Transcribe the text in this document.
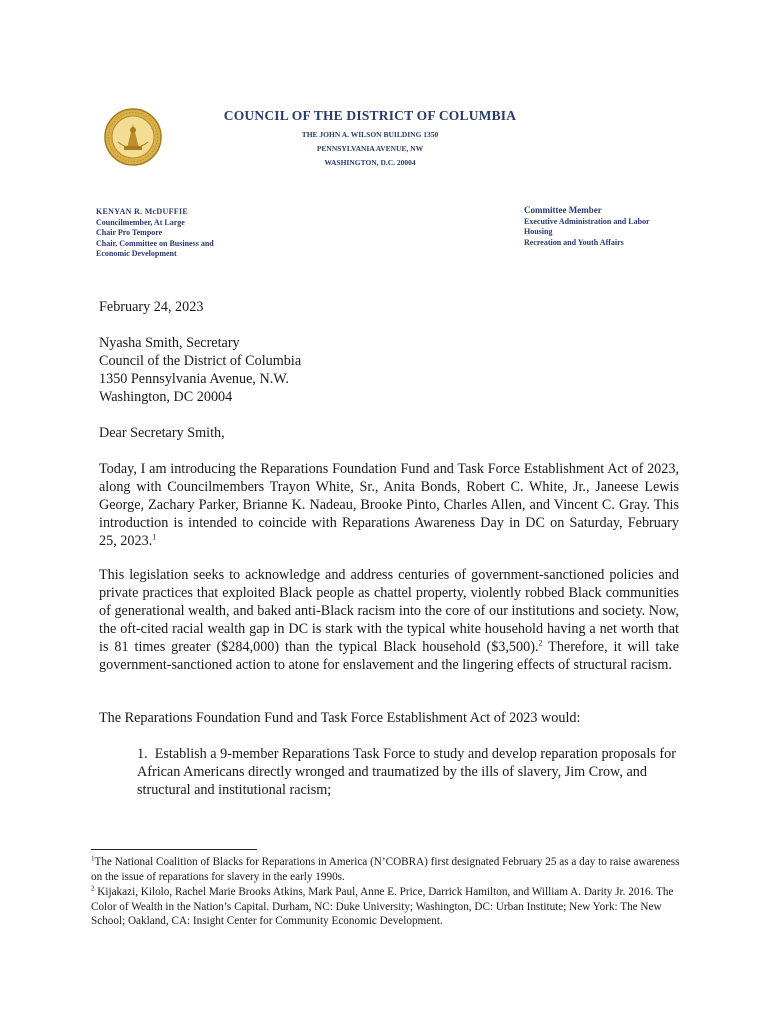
COUNCIL OF THE DISTRICT OF COLUMBIA
THE JOHN A. WILSON BUILDING 1350
PENNSYLVANIA AVENUE, NW
WASHINGTON, D.C. 20004
KENYAN R. McDUFFIE
Councilmember, At Large
Chair Pro Tempore
Chair, Committee on Business and
Economic Development
Committee Member
Executive Administration and Labor
Housing
Recreation and Youth Affairs
February 24, 2023
Nyasha Smith, Secretary
Council of the District of Columbia
1350 Pennsylvania Avenue, N.W.
Washington, DC 20004
Dear Secretary Smith,
Today, I am introducing the Reparations Foundation Fund and Task Force Establishment Act of 2023, along with Councilmembers Trayon White, Sr., Anita Bonds, Robert C. White, Jr., Janeese Lewis George, Zachary Parker, Brianne K. Nadeau, Brooke Pinto, Charles Allen, and Vincent C. Gray. This introduction is intended to coincide with Reparations Awareness Day in DC on Saturday, February 25, 2023.$^1$
This legislation seeks to acknowledge and address centuries of government-sanctioned policies and private practices that exploited Black people as chattel property, violently robbed Black communities of generational wealth, and baked anti-Black racism into the core of our institutions and society. Now, the oft-cited racial wealth gap in DC is stark with the typical white household having a net worth that is 81 times greater ($284,000) than the typical Black household ($3,500).$^2$ Therefore, it will take government-sanctioned action to atone for enslavement and the lingering effects of structural racism.
The Reparations Foundation Fund and Task Force Establishment Act of 2023 would:
1. Establish a 9-member Reparations Task Force to study and develop reparation proposals for African Americans directly wronged and traumatized by the ills of slavery, Jim Crow, and structural and institutional racism;
$^1$The National Coalition of Blacks for Reparations in America (N’COBRA) first designated February 25 as a day to raise awareness on the issue of reparations for slavery in the early 1990s.
$^2$ Kijakazi, Kilolo, Rachel Marie Brooks Atkins, Mark Paul, Anne E. Price, Darrick Hamilton, and William A. Darity Jr. 2016. The Color of Wealth in the Nation’s Capital. Durham, NC: Duke University; Washington, DC: Urban Institute; New York: The New School; Oakland, CA: Insight Center for Community Economic Development.
